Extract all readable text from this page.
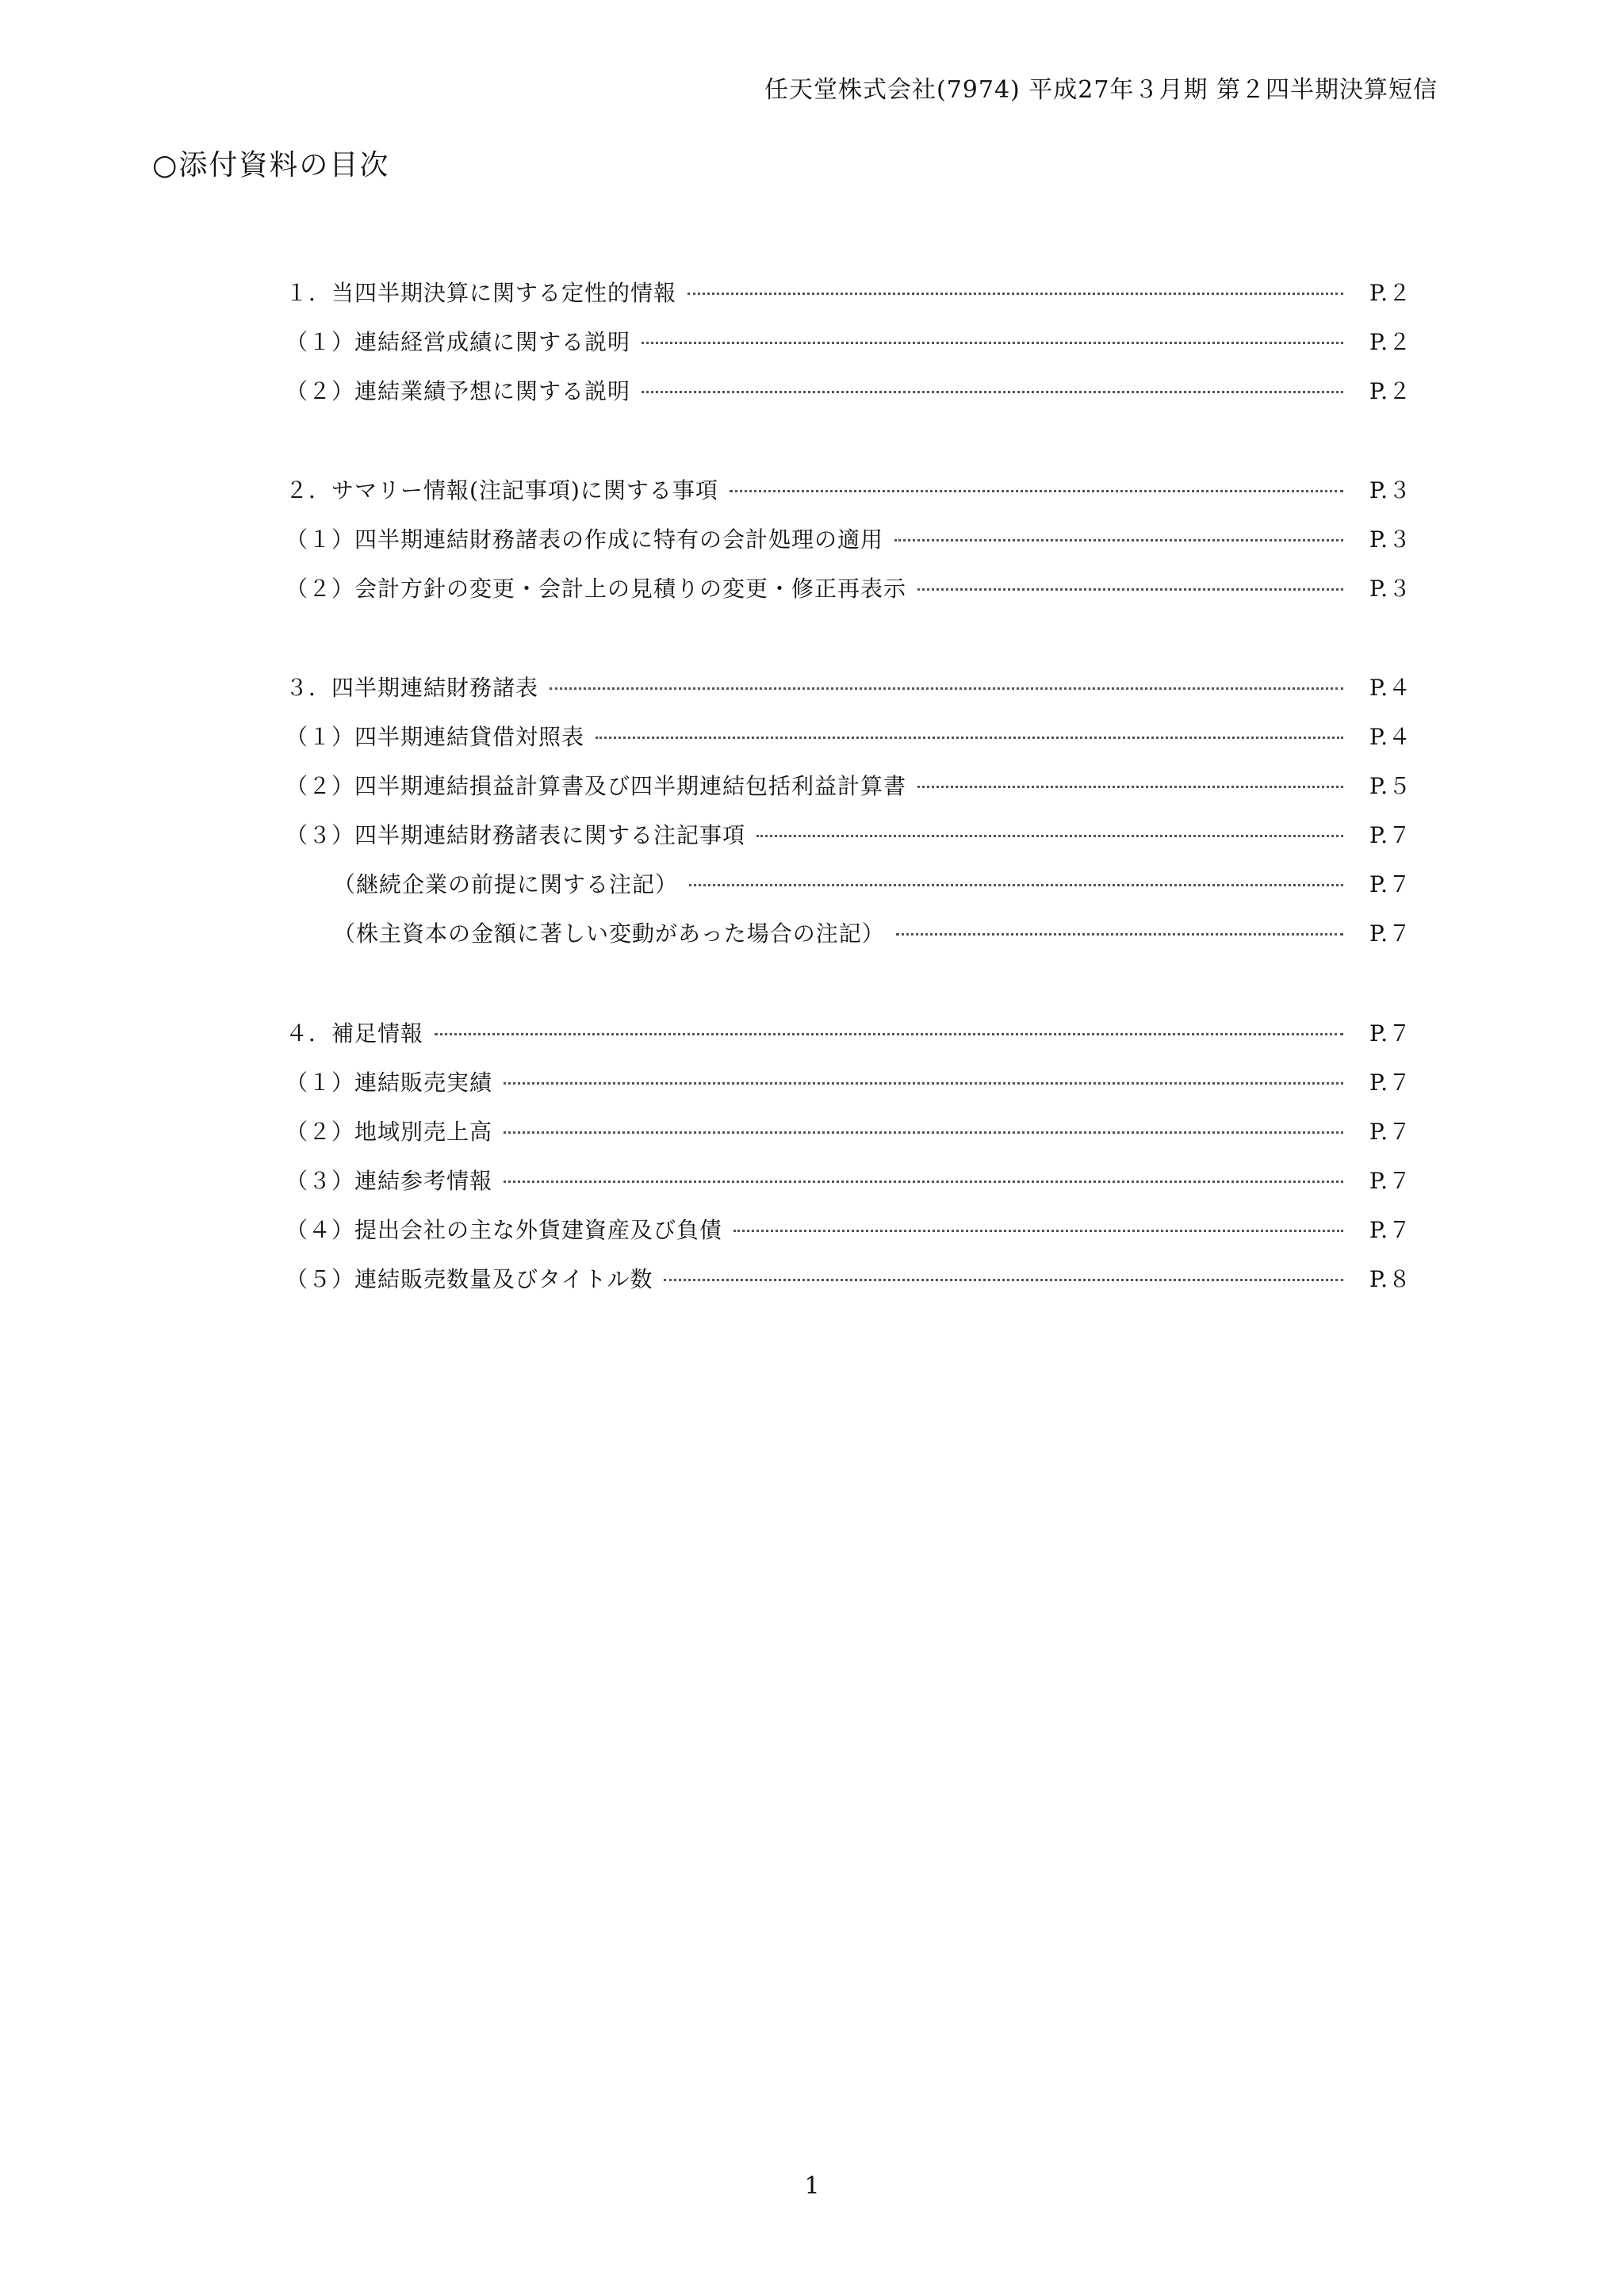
任天堂株式会社(7974) 平成27年３月期 第２四半期決算短信
○添付資料の目次
１．当四半期決算に関する定性的情報	P.２
（１）連結経営成績に関する説明	P.２
（２）連結業績予想に関する説明	P.２
２．サマリー情報(注記事項)に関する事項	P.３
（１）四半期連結財務諸表の作成に特有の会計処理の適用	P.３
（２）会計方針の変更・会計上の見積りの変更・修正再表示	P.３
３．四半期連結財務諸表	P.４
（１）四半期連結貸借対照表	P.４
（２）四半期連結損益計算書及び四半期連結包括利益計算書	P.５
（３）四半期連結財務諸表に関する注記事項	P.７
（継続企業の前提に関する注記）	P.７
（株主資本の金額に著しい変動があった場合の注記）	P.７
４．補足情報	P.７
（１）連結販売実績	P.７
（２）地域別売上高	P.７
（３）連結参考情報	P.７
（４）提出会社の主な外貨建資産及び負債	P.７
（５）連結販売数量及びタイトル数	P.８
1
